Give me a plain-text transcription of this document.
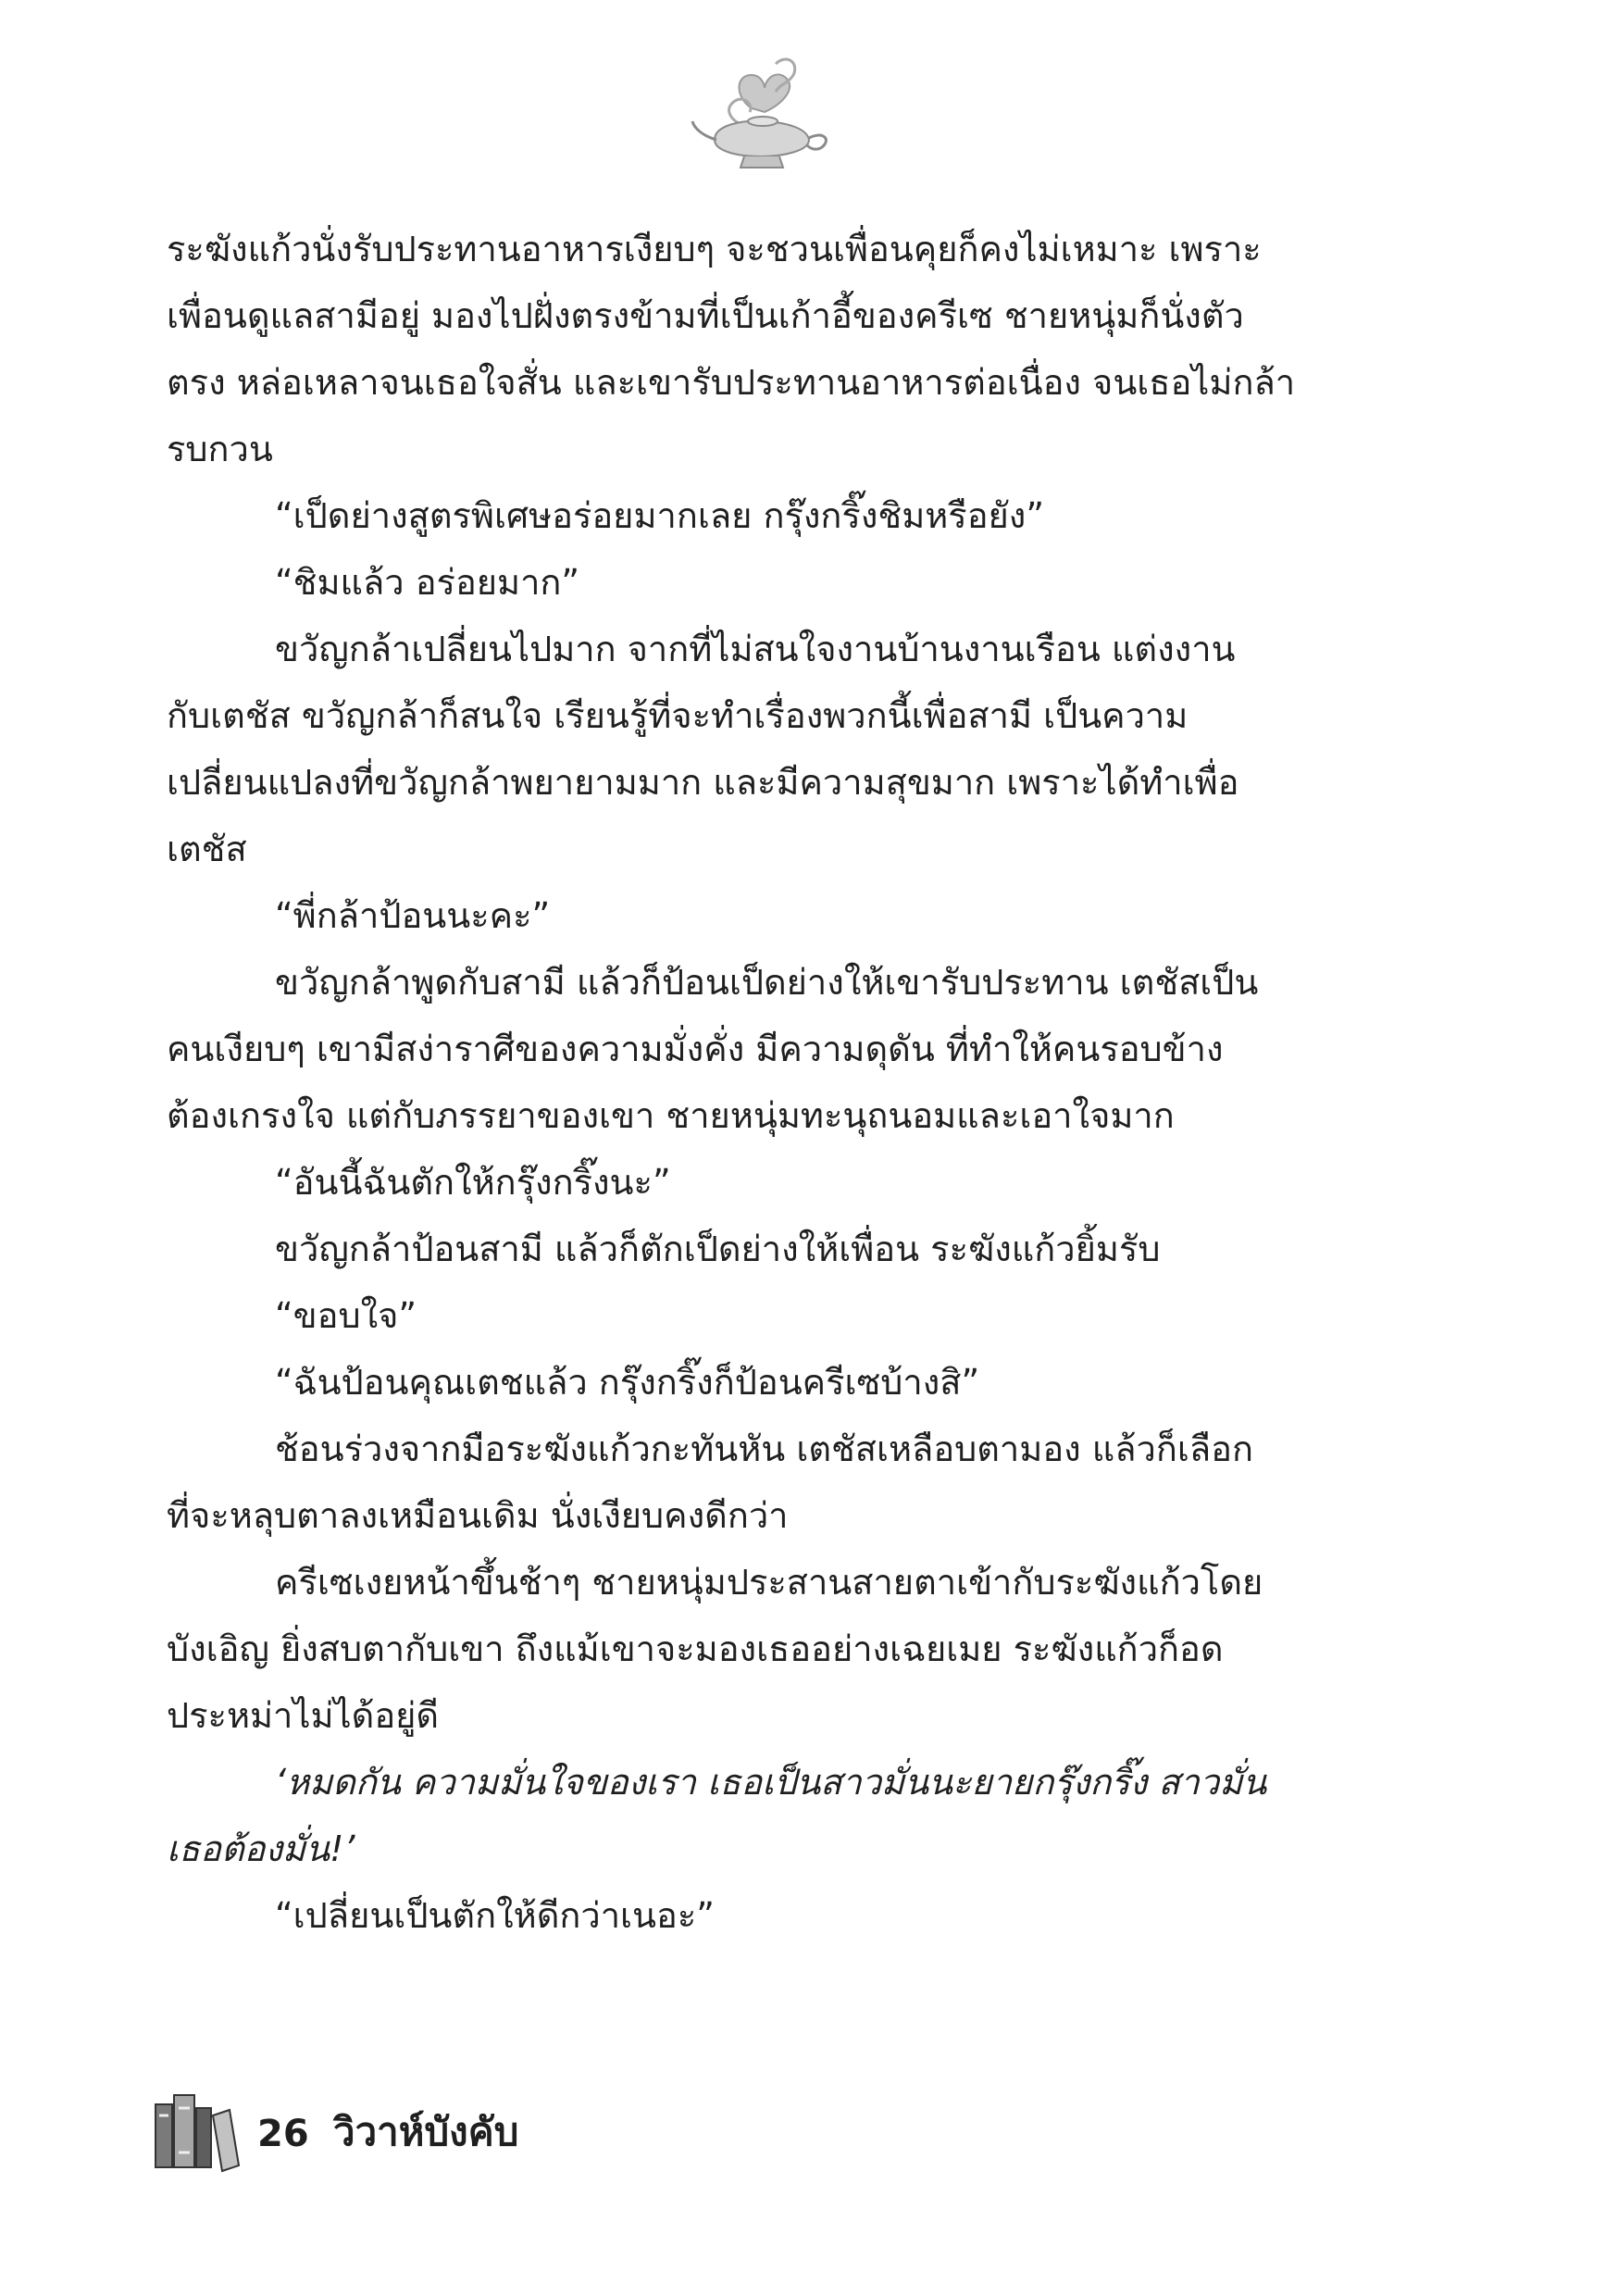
ระฆังแก้วนั่งรับประทานอาหารเงียบๆ จะชวนเพื่อนคุยก็คงไม่เหมาะ เพราะ

เพื่อนดูแลสามีอยู่ มองไปฝั่งตรงข้ามที่เป็นเก้าอี้ของครีเซ ชายหนุ่มก็นั่งตัว

ตรง หล่อเหลาจนเธอใจสั่น และเขารับประทานอาหารต่อเนื่อง จนเธอไม่กล้า

รบกวน

“เป็ดย่างสูตรพิเศษอร่อยมากเลย กรุ๊งกริ๊งชิมหรือยัง”

“ชิมแล้ว อร่อยมาก”

ขวัญกล้าเปลี่ยนไปมาก จากที่ไม่สนใจงานบ้านงานเรือน แต่งงาน

กับเตชัส ขวัญกล้าก็สนใจ เรียนรู้ที่จะทำเรื่องพวกนี้เพื่อสามี เป็นความ

เปลี่ยนแปลงที่ขวัญกล้าพยายามมาก และมีความสุขมาก เพราะได้ทำเพื่อ

เตชัส

“พี่กล้าป้อนนะคะ”

ขวัญกล้าพูดกับสามี แล้วก็ป้อนเป็ดย่างให้เขารับประทาน เตชัสเป็น

คนเงียบๆ เขามีสง่าราศีของความมั่งคั่ง มีความดุดัน ที่ทำให้คนรอบข้าง

ต้องเกรงใจ แต่กับภรรยาของเขา ชายหนุ่มทะนุถนอมและเอาใจมาก

“อันนี้ฉันตักให้กรุ๊งกริ๊งนะ”

ขวัญกล้าป้อนสามี แล้วก็ตักเป็ดย่างให้เพื่อน ระฆังแก้วยิ้มรับ

“ขอบใจ”

“ฉันป้อนคุณเตชแล้ว กรุ๊งกริ๊งก็ป้อนครีเซบ้างสิ”

ช้อนร่วงจากมือระฆังแก้วกะทันหัน เตชัสเหลือบตามอง แล้วก็เลือก

ที่จะหลุบตาลงเหมือนเดิม นั่งเงียบคงดีกว่า

ครีเซเงยหน้าขึ้นช้าๆ ชายหนุ่มประสานสายตาเข้ากับระฆังแก้วโดย

บังเอิญ ยิ่งสบตากับเขา ถึงแม้เขาจะมองเธออย่างเฉยเมย ระฆังแก้วก็อด

ประหม่าไม่ได้อยู่ดี

‘หมดกัน ความมั่นใจของเรา เธอเป็นสาวมั่นนะยายกรุ๊งกริ๊ง สาวมั่น

เธอต้องมั่น!’

“เปลี่ยนเป็นตักให้ดีกว่าเนอะ”

26 วิวาห์บังคับ
